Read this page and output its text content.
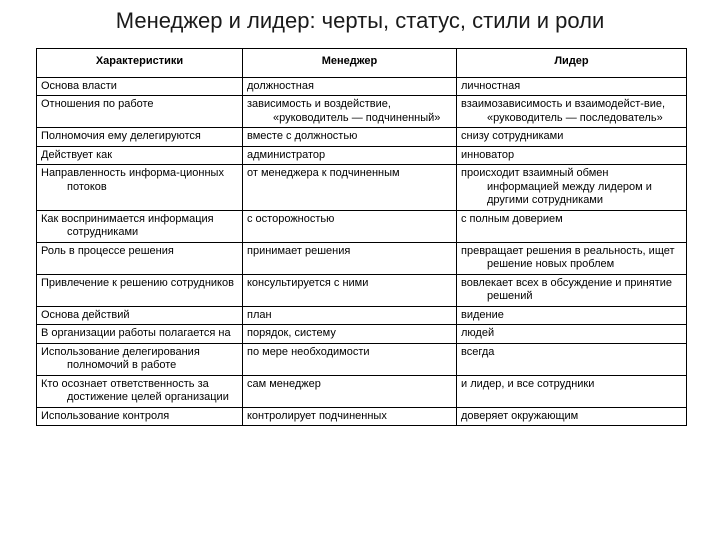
Менеджер и лидер: черты, статус, стили и роли
Характеристики	Менеджер	Лидер

Основа власти	должностная	личностная

Отношения по работе	зависимость и воздействие, «руководитель — подчиненный»	взаимозависимость и взаимодейст-вие, «руководитель — последователь»

Полномочия ему делегируются	вместе с должностью	снизу сотрудниками

Действует как	администратор	инноватор

Направленность информа-ционных потоков	от менеджера к подчиненным	происходит взаимный обмен информацией между лидером и другими сотрудниками

Как воспринимается информация сотрудниками	с осторожностью	с полным доверием

Роль в процессе решения	принимает решения	превращает решения в реальность, ищет решение новых проблем

Привлечение к решению сотрудников	консультируется с ними	вовлекает всех в обсуждение и принятие решений

Основа действий	план	видение

В организации работы полагается на	порядок, систему	людей

Использование делегирования полномочий в работе	по мере необходимости	всегда

Кто осознает ответственность за достижение целей организации	сам менеджер	и лидер, и все сотрудники

Использование контроля	контролирует подчиненных	доверяет окружающим
